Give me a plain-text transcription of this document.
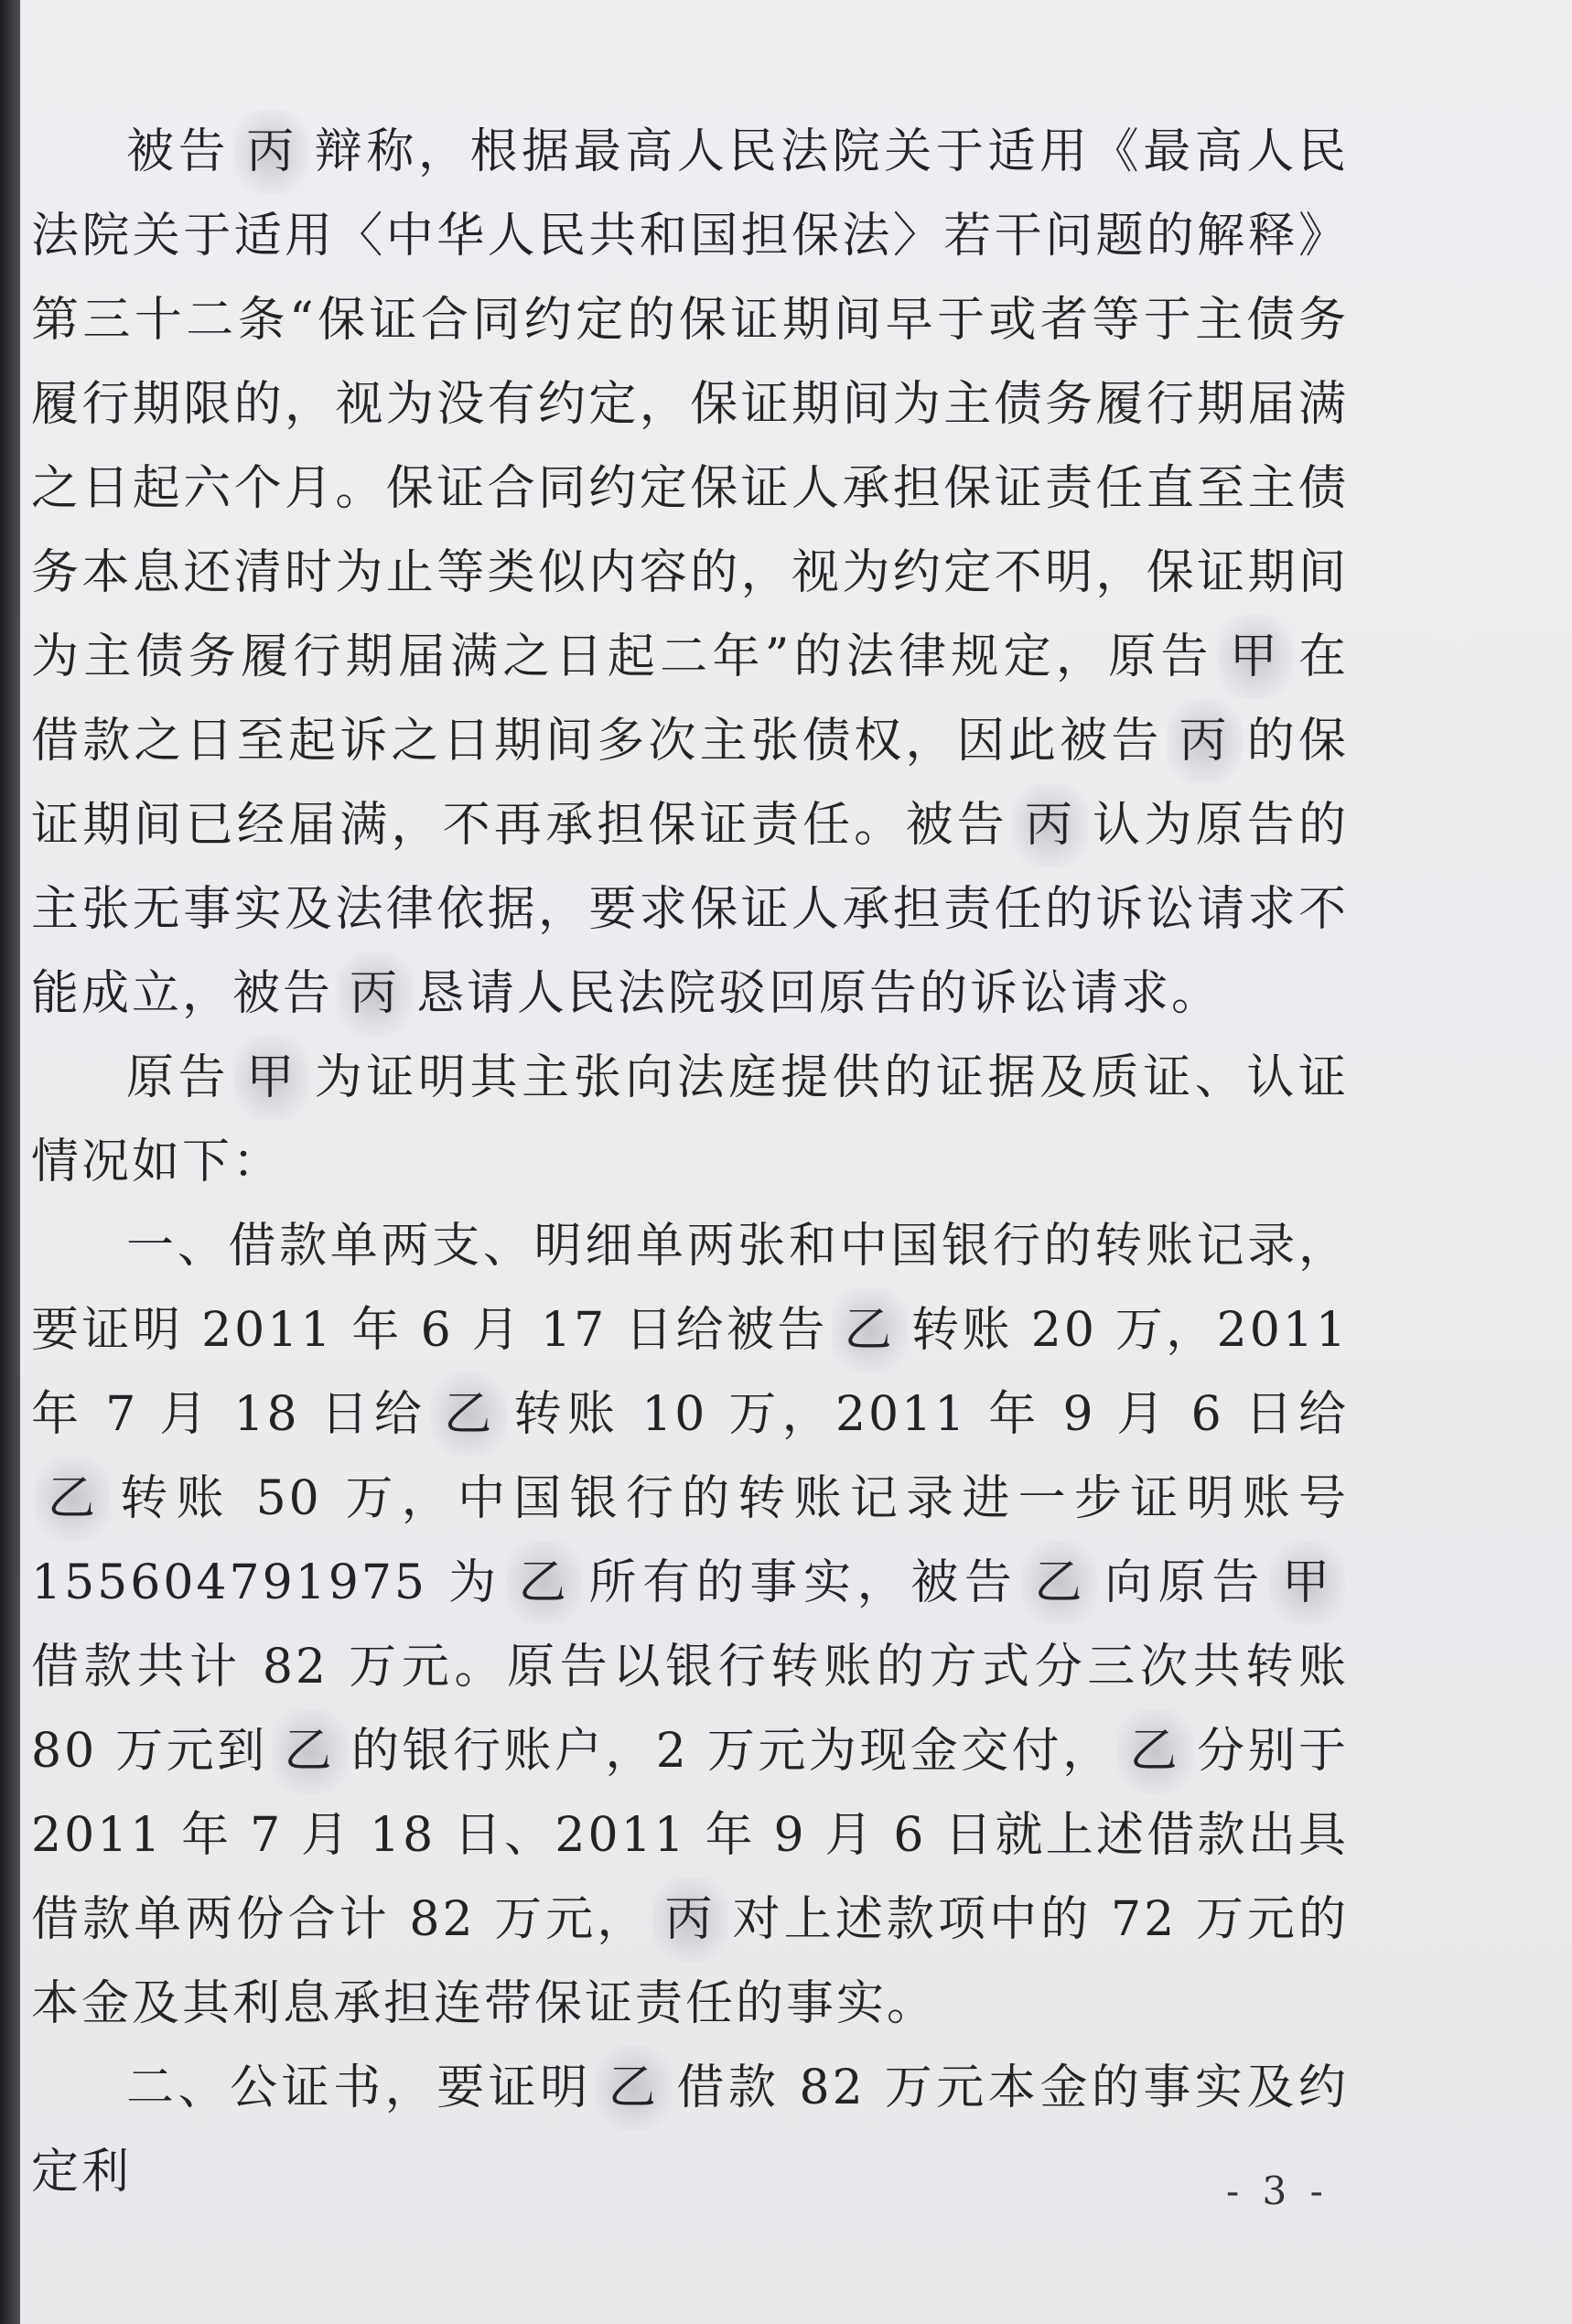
被告 丙 辩称，根据最高人民法院关于适用《最高人民法院关于适用〈中华人民共和国担保法〉若干问题的解释》第三十二条“保证合同约定的保证期间早于或者等于主债务履行期限的，视为没有约定，保证期间为主债务履行期届满之日起六个月。保证合同约定保证人承担保证责任直至主债务本息还清时为止等类似内容的，视为约定不明，保证期间为主债务履行期届满之日起二年”的法律规定，原告 甲 在借款之日至起诉之日期间多次主张债权，因此被告 丙 的保证期间已经届满，不再承担保证责任。被告 丙 认为原告的主张无事实及法律依据，要求保证人承担责任的诉讼请求不能成立，被告 丙 恳请人民法院驳回原告的诉讼请求。

原告 甲 为证明其主张向法庭提供的证据及质证、认证情况如下：

一、借款单两支、明细单两张和中国银行的转账记录，要证明 2011 年 6 月 17 日给被告 乙 转账 20 万，2011 年 7 月 18 日给 乙 转账 10 万，2011 年 9 月 6 日给乙 转账 50 万，中国银行的转账记录进一步证明账号 155604791975 为 乙 所有的事实，被告 乙 向原告 甲借款共计 82 万元。原告以银行转账的方式分三次共转账 80 万元到 乙 的银行账户，2 万元为现金交付， 乙 分别于 2011 年 7 月 18 日、2011 年 9 月 6 日就上述借款出具借款单两份合计 82 万元， 丙 对上述款项中的 72 万元的本金及其利息承担连带保证责任的事实。

二、公证书，要证明 乙 借款 82 万元本金的事实及约定利	- 3 -
